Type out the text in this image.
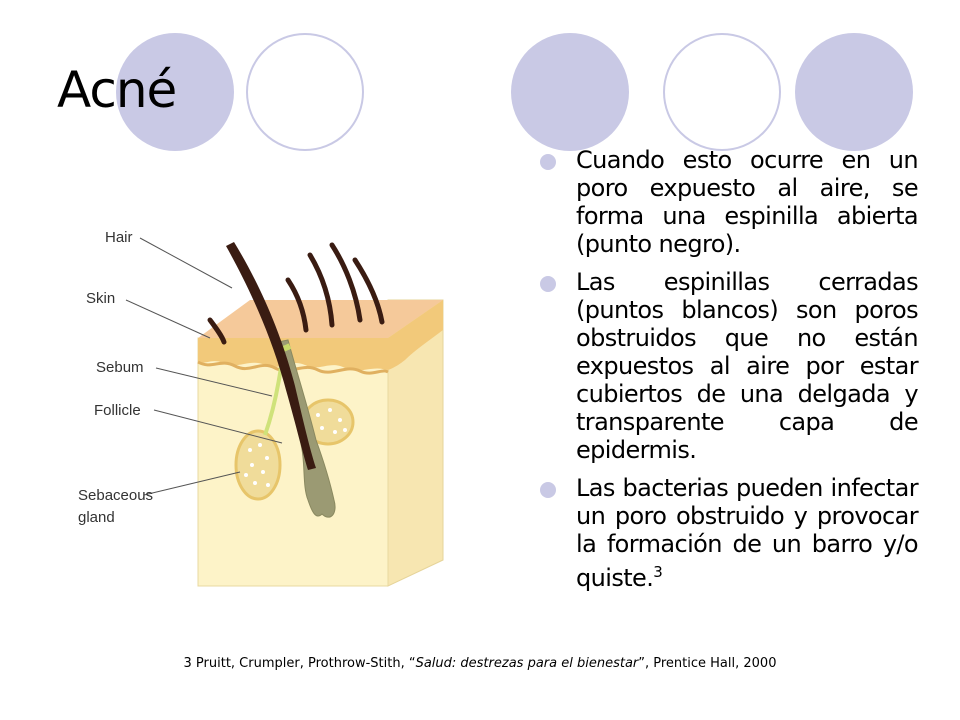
Acné
Hair
Skin
Sebum
Follicle
Sebaceous
gland
Cuando esto ocurre en un poro expuesto al aire, se forma una espinilla abierta (punto negro).
Las espinillas cerradas (puntos blancos) son poros obstruidos que no están expuestos al aire por estar cubiertos de una delgada y transparente capa de epidermis.
Las bacterias pueden infectar un poro obstruido y provocar la formación de un barro y/o quiste.$^3$
3 Pruitt, Crumpler, Prothrow-Stith, “Salud: destrezas para el bienestar”, Prentice Hall, 2000
